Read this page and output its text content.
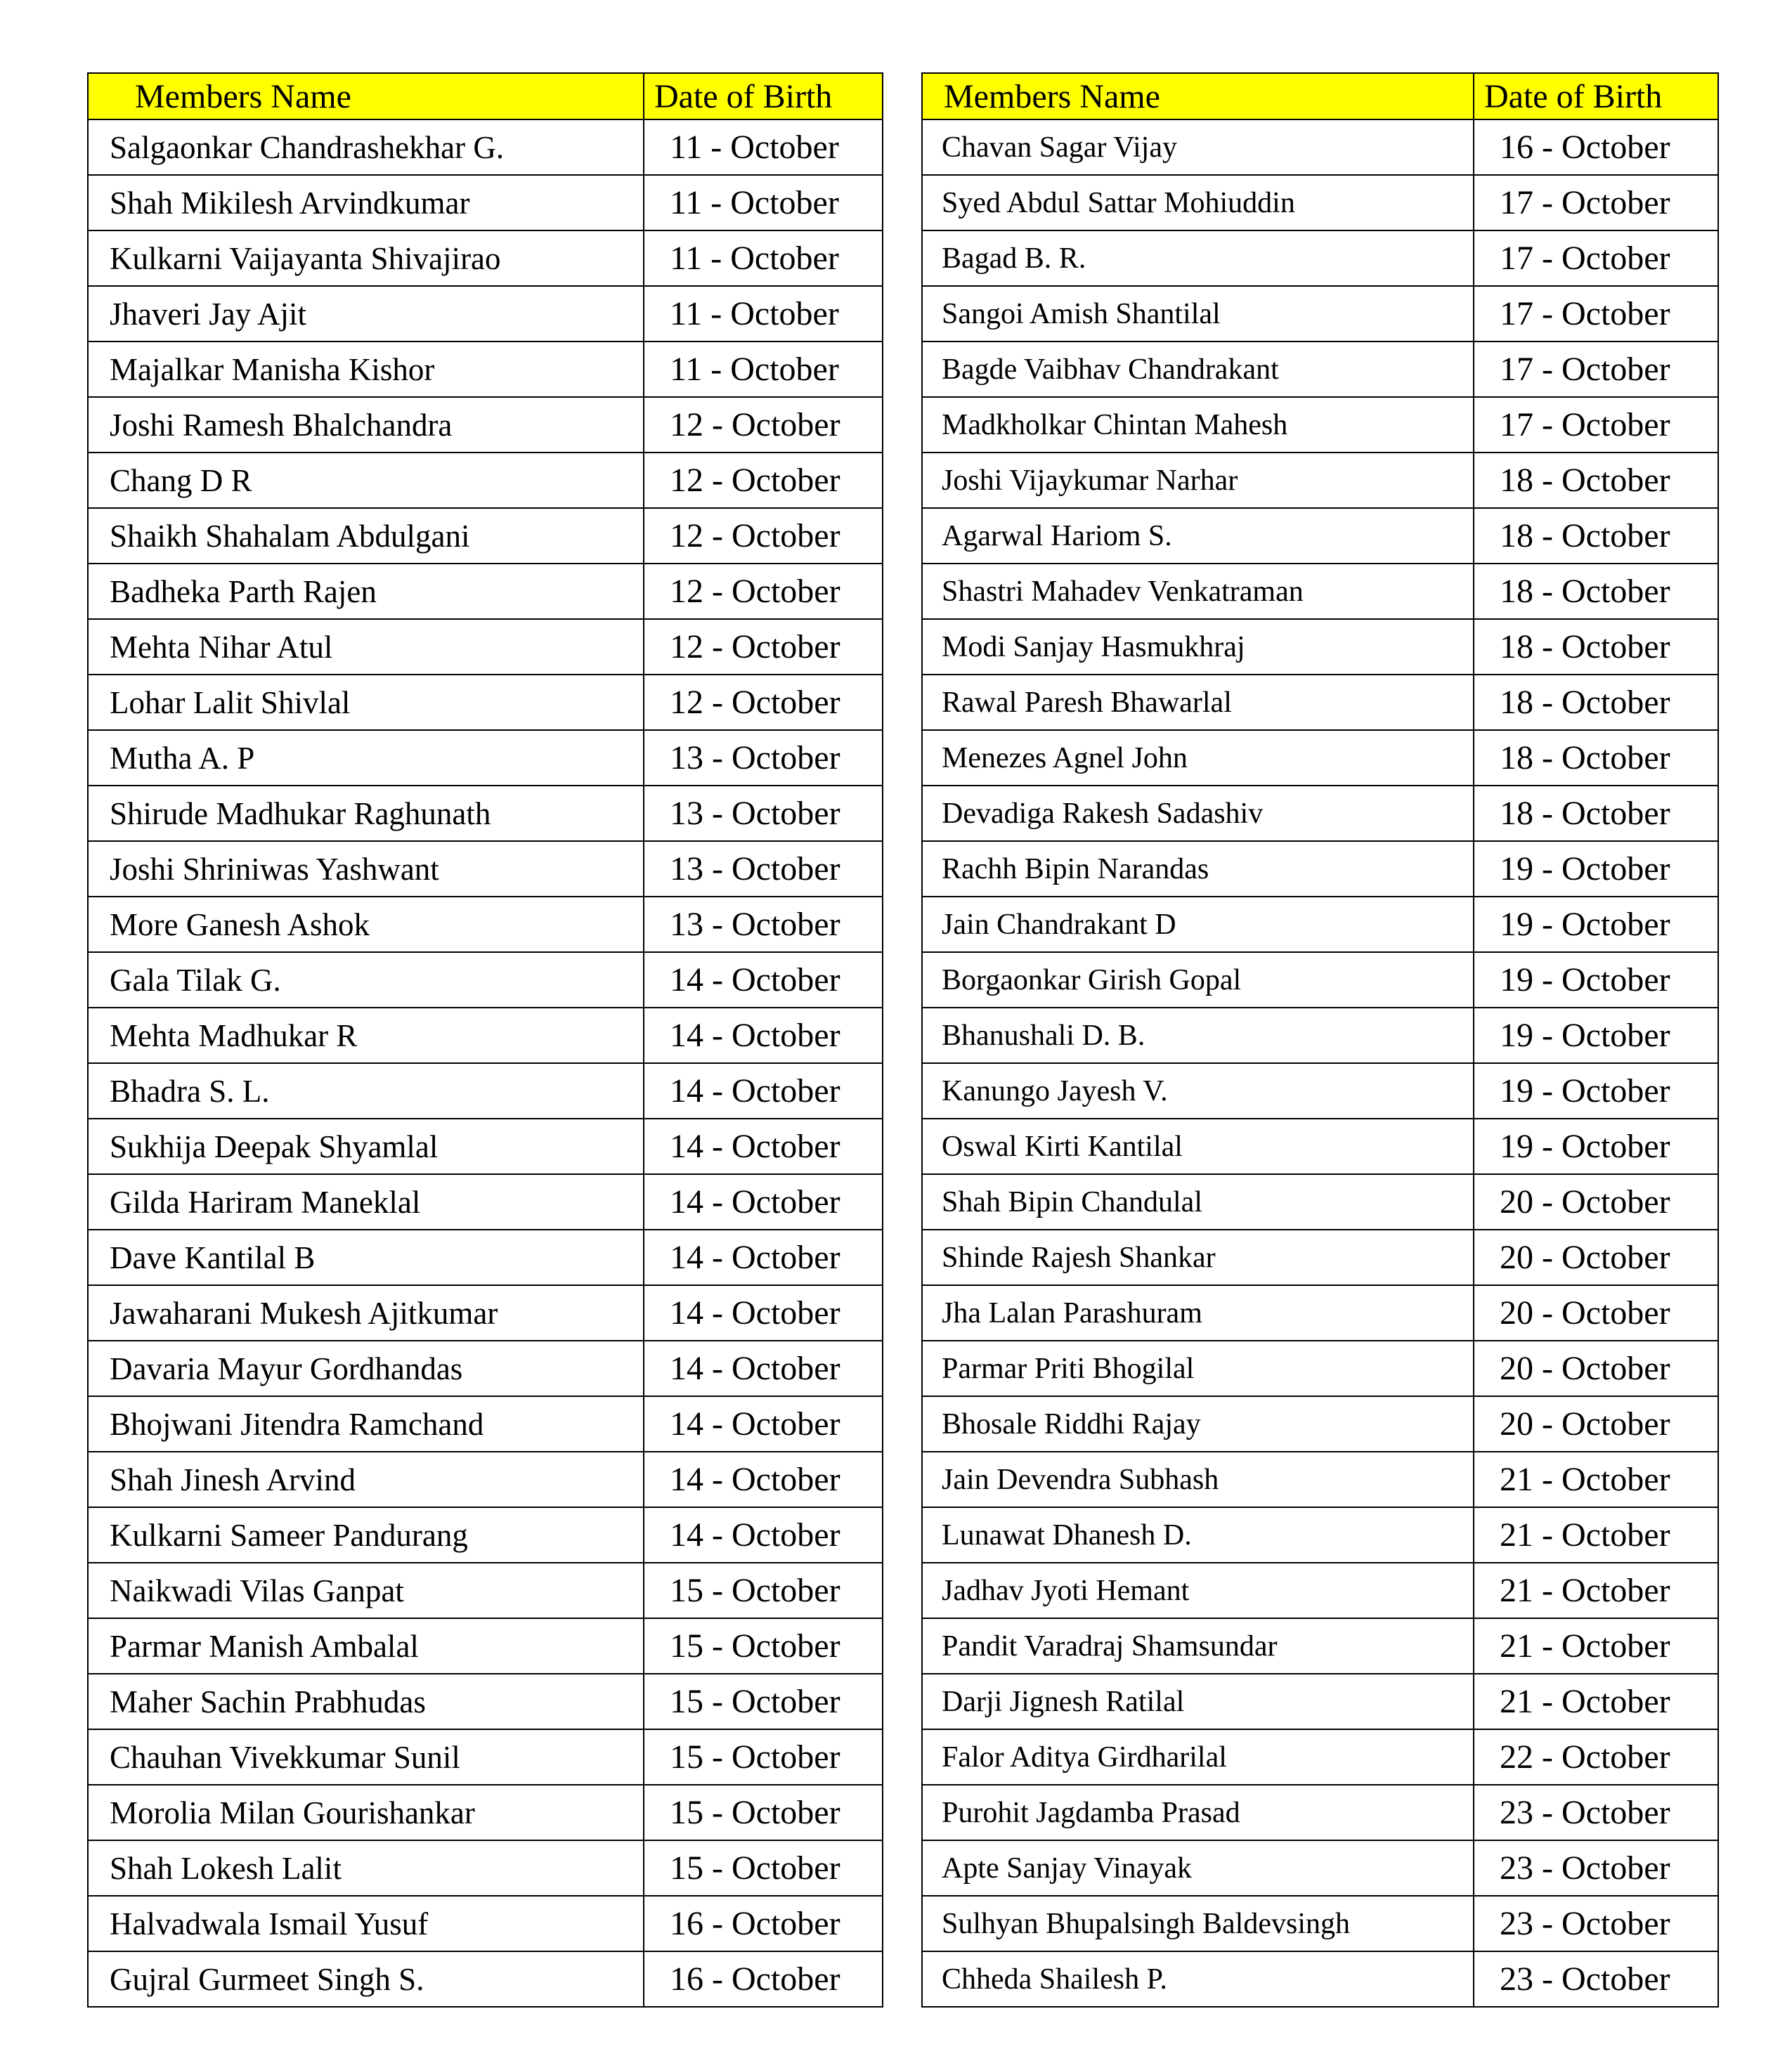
Members Name	Date of Birth
Salgaonkar Chandrashekhar G.	11 - October
Shah Mikilesh Arvindkumar	11 - October
Kulkarni Vaijayanta Shivajirao	11 - October
Jhaveri Jay Ajit	11 - October
Majalkar Manisha Kishor	11 - October
Joshi Ramesh Bhalchandra	12 - October
Chang D R	12 - October
Shaikh Shahalam Abdulgani	12 - October
Badheka Parth Rajen	12 - October
Mehta Nihar Atul	12 - October
Lohar Lalit Shivlal	12 - October
Mutha A. P	13 - October
Shirude Madhukar Raghunath	13 - October
Joshi Shriniwas Yashwant	13 - October
More Ganesh Ashok	13 - October
Gala Tilak G.	14 - October
Mehta Madhukar R	14 - October
Bhadra S. L.	14 - October
Sukhija Deepak Shyamlal	14 - October
Gilda Hariram Maneklal	14 - October
Dave Kantilal B	14 - October
Jawaharani Mukesh Ajitkumar	14 - October
Davaria Mayur Gordhandas	14 - October
Bhojwani Jitendra Ramchand	14 - October
Shah Jinesh Arvind	14 - October
Kulkarni Sameer Pandurang	14 - October
Naikwadi Vilas Ganpat	15 - October
Parmar Manish Ambalal	15 - October
Maher Sachin Prabhudas	15 - October
Chauhan Vivekkumar Sunil	15 - October
Morolia Milan Gourishankar	15 - October
Shah Lokesh Lalit	15 - October
Halvadwala Ismail Yusuf	16 - October
Gujral Gurmeet Singh S.	16 - October
Members Name	Date of Birth
Chavan Sagar Vijay	16 - October
Syed Abdul Sattar Mohiuddin	17 - October
Bagad B. R.	17 - October
Sangoi Amish Shantilal	17 - October
Bagde Vaibhav Chandrakant	17 - October
Madkholkar Chintan Mahesh	17 - October
Joshi Vijaykumar Narhar	18 - October
Agarwal Hariom S.	18 - October
Shastri Mahadev Venkatraman	18 - October
Modi Sanjay Hasmukhraj	18 - October
Rawal Paresh Bhawarlal	18 - October
Menezes Agnel John	18 - October
Devadiga Rakesh Sadashiv	18 - October
Rachh Bipin Narandas	19 - October
Jain Chandrakant D	19 - October
Borgaonkar Girish Gopal	19 - October
Bhanushali D. B.	19 - October
Kanungo Jayesh V.	19 - October
Oswal Kirti Kantilal	19 - October
Shah Bipin Chandulal	20 - October
Shinde Rajesh Shankar	20 - October
Jha Lalan Parashuram	20 - October
Parmar Priti Bhogilal	20 - October
Bhosale Riddhi Rajay	20 - October
Jain Devendra Subhash	21 - October
Lunawat Dhanesh D.	21 - October
Jadhav Jyoti Hemant	21 - October
Pandit Varadraj Shamsundar	21 - October
Darji Jignesh Ratilal	21 - October
Falor Aditya Girdharilal	22 - October
Purohit Jagdamba Prasad	23 - October
Apte Sanjay Vinayak	23 - October
Sulhyan Bhupalsingh Baldevsingh	23 - October
Chheda Shailesh P.	23 - October
